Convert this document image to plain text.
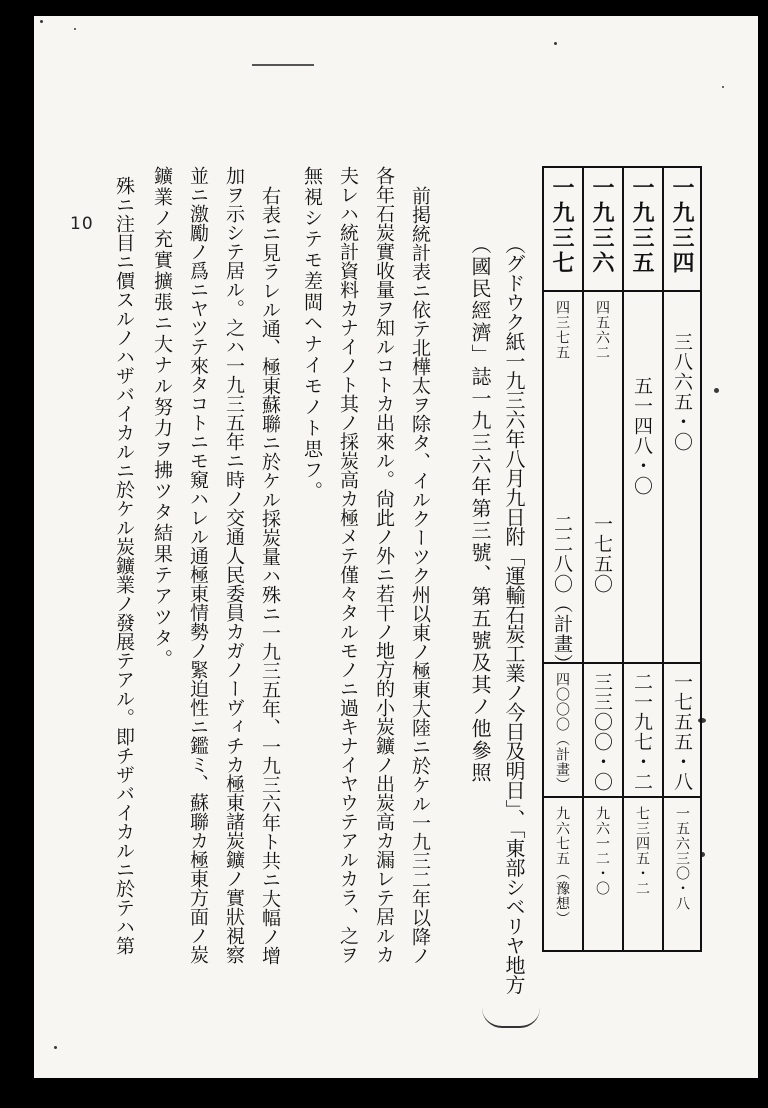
10	一九三四
一九三五
一九三六
一九三七
三八六五・〇
五一四八・〇
四五六二
四三七五
一七五〇
二二八〇（計畫）
一七五五・八
二一九七・二
三三〇〇・〇
四〇〇〇（計畫）
一五六三〇・八
七三四五・二
九六一二・〇
九六七五（豫想）
（グドウク紙一九三六年八月九日附「運輸石炭工業ノ今日及明日」、「東部シベリヤ地方
（國民經濟」誌一九三六年第三號、第五號及其ノ他參照
前掲統計表ニ依テ北樺太ヲ除タ、イルクーツク州以東ノ極東大陸ニ於ケル一九三二年以降ノ
各年石炭實收量ヲ知ルコトカ出來ル。尙此ノ外ニ若干ノ地方的小炭鑛ノ出炭高カ漏レテ居ルカ
夫レハ統計資料カナイノト其ノ採炭高カ極メテ僅々タルモノニ過キナイヤウテアルカラ、之ヲ
無視シテモ差閊ヘナイモノト思フ。
右表ニ見ラレル通、極東蘇聯ニ於ケル採炭量ハ殊ニ一九三五年、一九三六年ト共ニ大幅ノ增
加ヲ示シテ居ル。之ハ一九三五年ニ時ノ交通人民委員カガノーヴィチカ極東諸炭鑛ノ實狀視察
並ニ激勵ノ爲ニヤツテ來タコトニモ窺ハレル通極東情勢ノ緊迫性ニ鑑ミ、蘇聯カ極東方面ノ炭
鑛業ノ充實擴張ニ大ナル努力ヲ拂ツタ結果テアツタ。
殊ニ注目ニ價スルノハザバイカルニ於ケル炭鑛業ノ發展テアル。即チザバイカルニ於テハ第
